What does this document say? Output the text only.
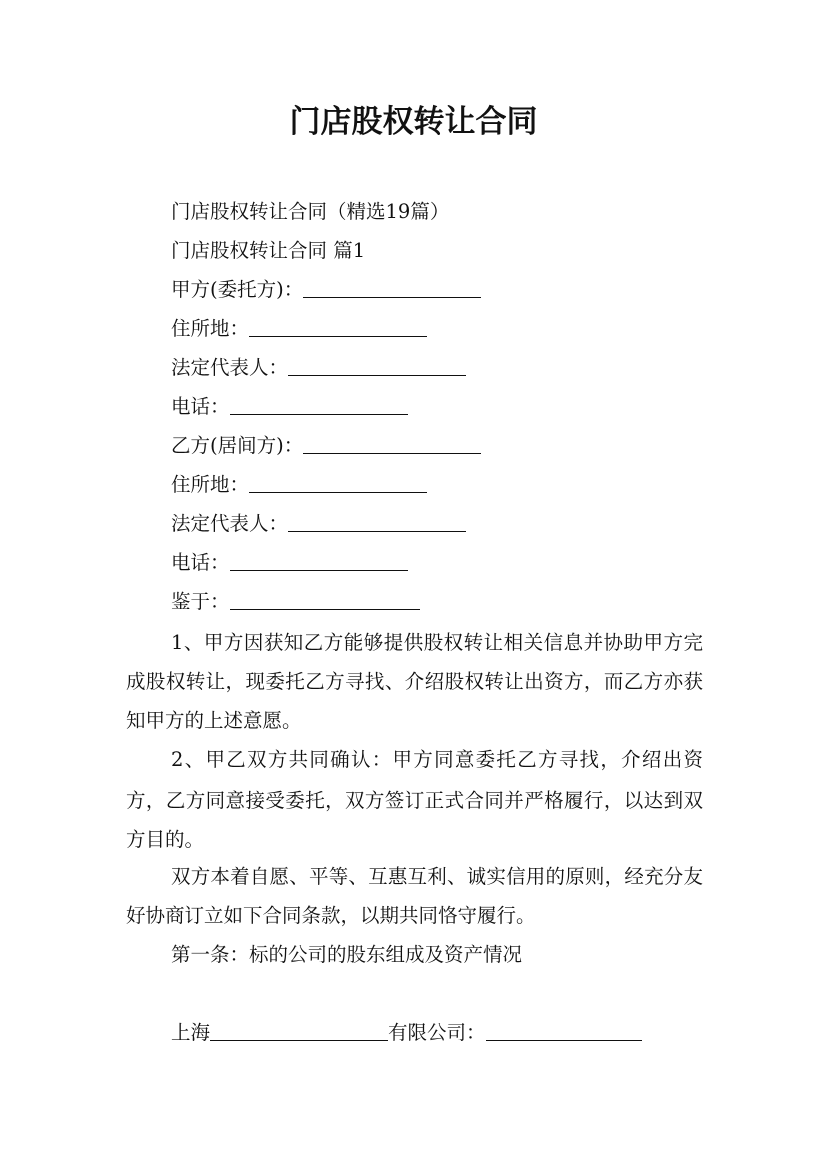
门店股权转让合同
门店股权转让合同（精选19篇）
门店股权转让合同 篇1
甲方(委托方)：
住所地：
法定代表人：
电话：
乙方(居间方)：
住所地：
法定代表人：
电话：
鉴于：
1、甲方因获知乙方能够提供股权转让相关信息并协助甲方完成股权转让，现委托乙方寻找、介绍股权转让出资方，而乙方亦获知甲方的上述意愿。
2、甲乙双方共同确认：甲方同意委托乙方寻找，介绍出资方，乙方同意接受委托，双方签订正式合同并严格履行，以达到双方目的。
双方本着自愿、平等、互惠互利、诚实信用的原则，经充分友好协商订立如下合同条款，以期共同恪守履行。
第一条：标的公司的股东组成及资产情况
上海	有限公司：
